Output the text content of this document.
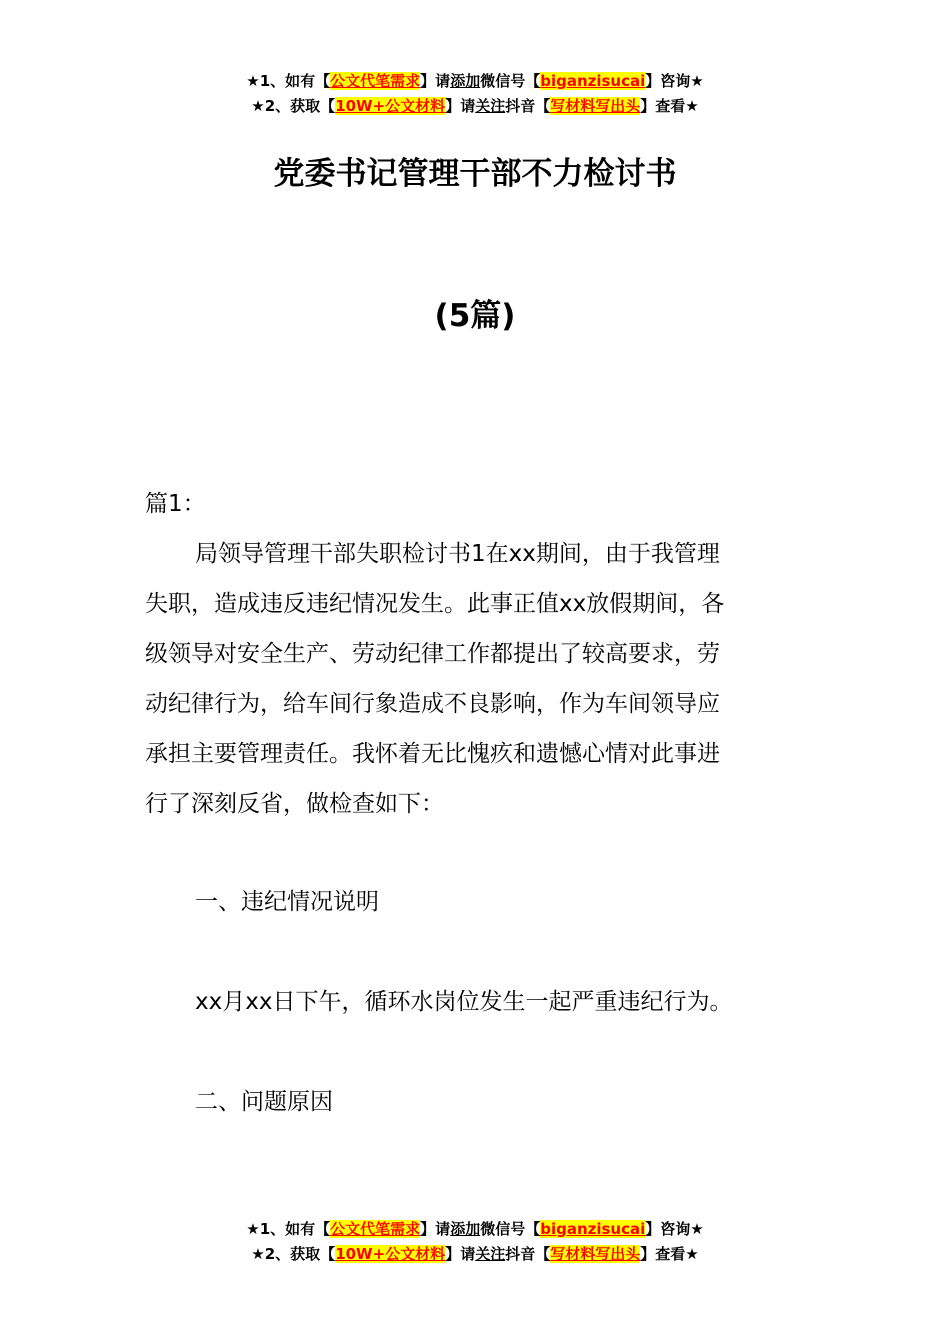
★1、如有【公文代笔需求】请添加微信号【biganzisucai】咨询★
★2、获取【10W+公文材料】请关注抖音【写材料写出头】查看★
党委书记管理干部不力检讨书
(5篇)
篇1：
局领导管理干部失职检讨书1在xx期间，由于我管理
失职，造成违反违纪情况发生。此事正值xx放假期间，各
级领导对安全生产、劳动纪律工作都提出了较高要求，劳
动纪律行为，给车间行象造成不良影响，作为车间领导应
承担主要管理责任。我怀着无比愧疚和遗憾心情对此事进
行了深刻反省，做检查如下：
一、违纪情况说明
xx月xx日下午，循环水岗位发生一起严重违纪行为。
二、问题原因
★1、如有【公文代笔需求】请添加微信号【biganzisucai】咨询★
★2、获取【10W+公文材料】请关注抖音【写材料写出头】查看★
